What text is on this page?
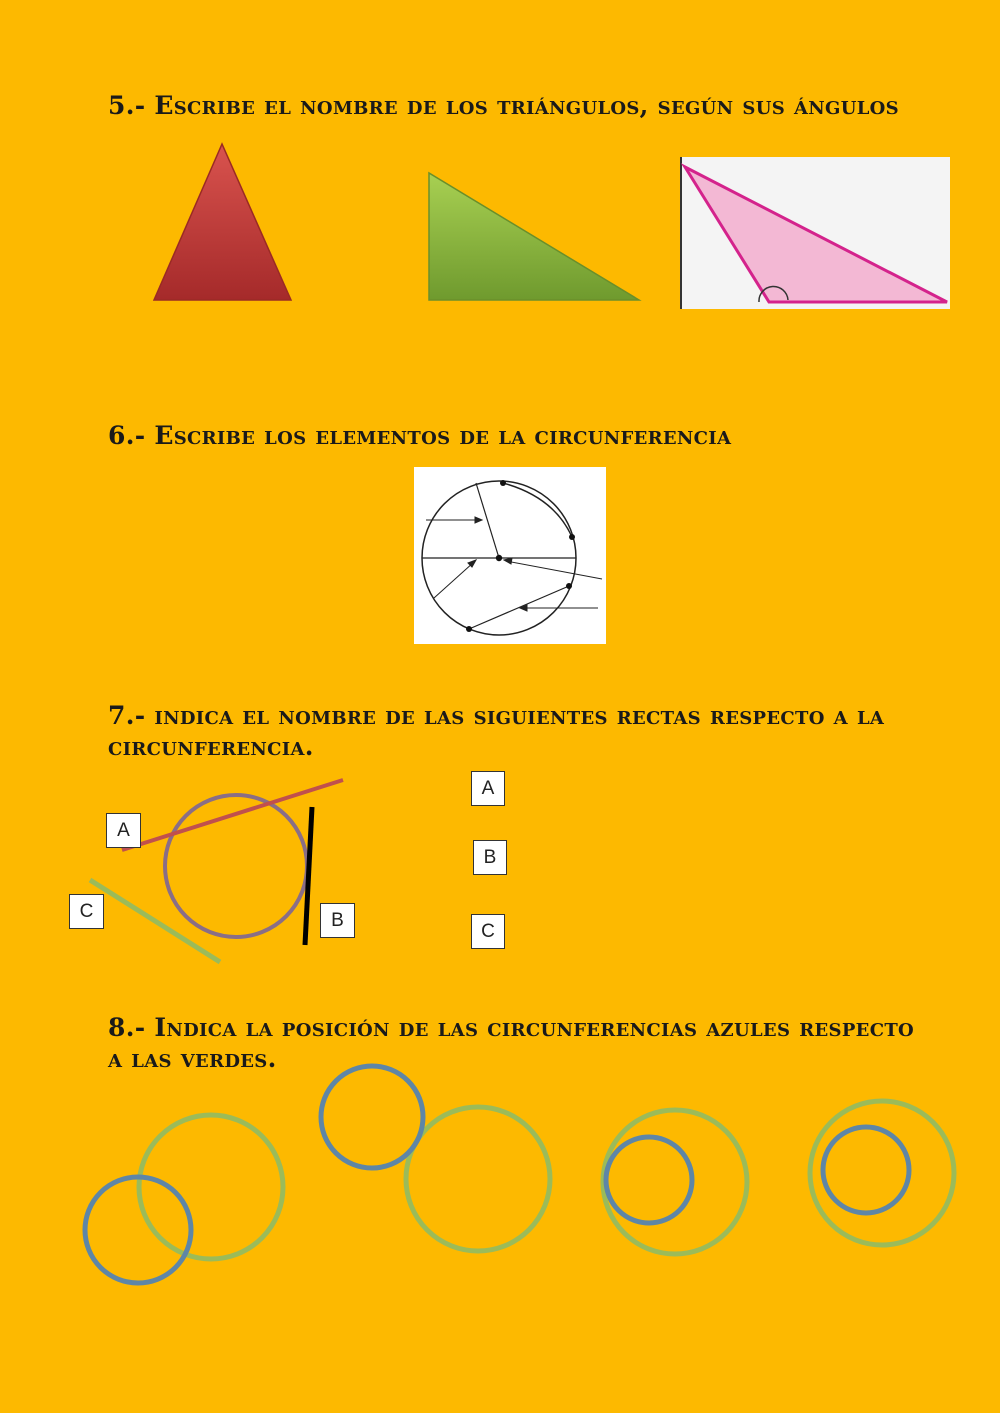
5.- Escribe el nombre de los triángulos, según sus ángulos
6.- Escribe los elementos de la circunferencia
7.- indica el nombre de las siguientes rectas respecto a la
circunferencia.
A
C	B
A
B
C
8.- Indica la posición de las circunferencias azules respecto
a las verdes.
